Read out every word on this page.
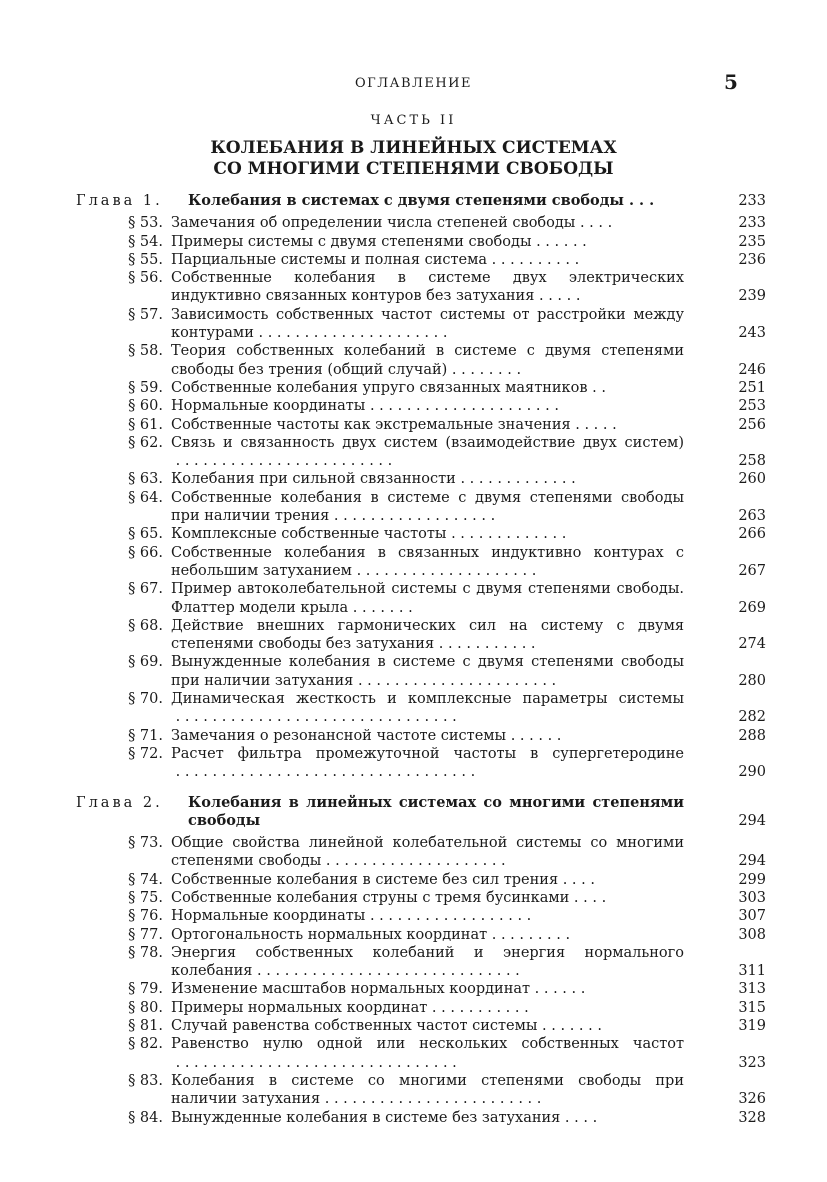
ОГЛАВЛЕНИЕ	5
ЧАСТЬ II
КОЛЕБАНИЯ В ЛИНЕЙНЫХ СИСТЕМАХ
СО МНОГИМИ СТЕПЕНЯМИ СВОБОДЫ
Глава 1.	Колебания в системах с двумя степенями свободы . . .	233
§ 53. Замечания об определении числа степеней свободы . . . .	233
§ 54. Примеры системы с двумя степенями свободы . . . . . .	235
§ 55. Парциальные системы и полная система . . . . . . . . . .	236
§ 56. Собственные колебания в системе двух электрических индуктивно связанных контуров без затухания . . . . .	239
§ 57. Зависимость собственных частот системы от расстройки между контурами . . . . . . . . . . . . . . . . . . . . .	243
§ 58. Теория собственных колебаний в системе с двумя степенями свободы без трения (общий случай) . . . . . . . .	246
§ 59. Собственные колебания упруго связанных маятников . .	251
§ 60. Нормальные координаты . . . . . . . . . . . . . . . . . . . . .	253
§ 61. Собственные частоты как экстремальные значения . . . . .	256
§ 62. Связь и связанность двух систем (взаимодействие двух систем) . . . . . . . . . . . . . . . . . . . . . . . .	258
§ 63. Колебания при сильной связанности . . . . . . . . . . . . .	260
§ 64. Собственные колебания в системе с двумя степенями свободы при наличии трения . . . . . . . . . . . . . . . . . .	263
§ 65. Комплексные собственные частоты . . . . . . . . . . . . .	266
§ 66. Собственные колебания в связанных индуктивно контурах с небольшим затуханием . . . . . . . . . . . . . . . . . . . .	267
§ 67. Пример автоколебательной системы с двумя степенями свободы. Флаттер модели крыла . . . . . . .	269
§ 68. Действие внешних гармонических сил на систему с двумя степенями свободы без затухания . . . . . . . . . . .	274
§ 69. Вынужденные колебания в системе с двумя степенями свободы при наличии затухания . . . . . . . . . . . . . . . . . . . . . .	280
§ 70. Динамическая жесткость и комплексные параметры системы . . . . . . . . . . . . . . . . . . . . . . . . . . . . . . .	282
§ 71. Замечания о резонансной частоте системы . . . . . .	288
§ 72. Расчет фильтра промежуточной частоты в супергетеродине . . . . . . . . . . . . . . . . . . . . . . . . . . . . . . . . .	290
Глава 2.	Колебания в линейных системах со многими степенями свободы	294
§ 73. Общие свойства линейной колебательной системы со многими степенями свободы . . . . . . . . . . . . . . . . . . . .	294
§ 74. Собственные колебания в системе без сил трения . . . .	299
§ 75. Собственные колебания струны с тремя бусинками . . . .	303
§ 76. Нормальные координаты . . . . . . . . . . . . . . . . . .	307
§ 77. Ортогональность нормальных координат . . . . . . . . .	308
§ 78. Энергия собственных колебаний и энергия нормального колебания . . . . . . . . . . . . . . . . . . . . . . . . . . . . .	311
§ 79. Изменение масштабов нормальных координат . . . . . .	313
§ 80. Примеры нормальных координат . . . . . . . . . . .	315
§ 81. Случай равенства собственных частот системы . . . . . . .	319
§ 82. Равенство нулю одной или нескольких собственных частот . . . . . . . . . . . . . . . . . . . . . . . . . . . . . . .	323
§ 83. Колебания в системе со многими степенями свободы при наличии затухания . . . . . . . . . . . . . . . . . . . . . . . .	326
§ 84. Вынужденные колебания в системе без затухания . . . .	328
